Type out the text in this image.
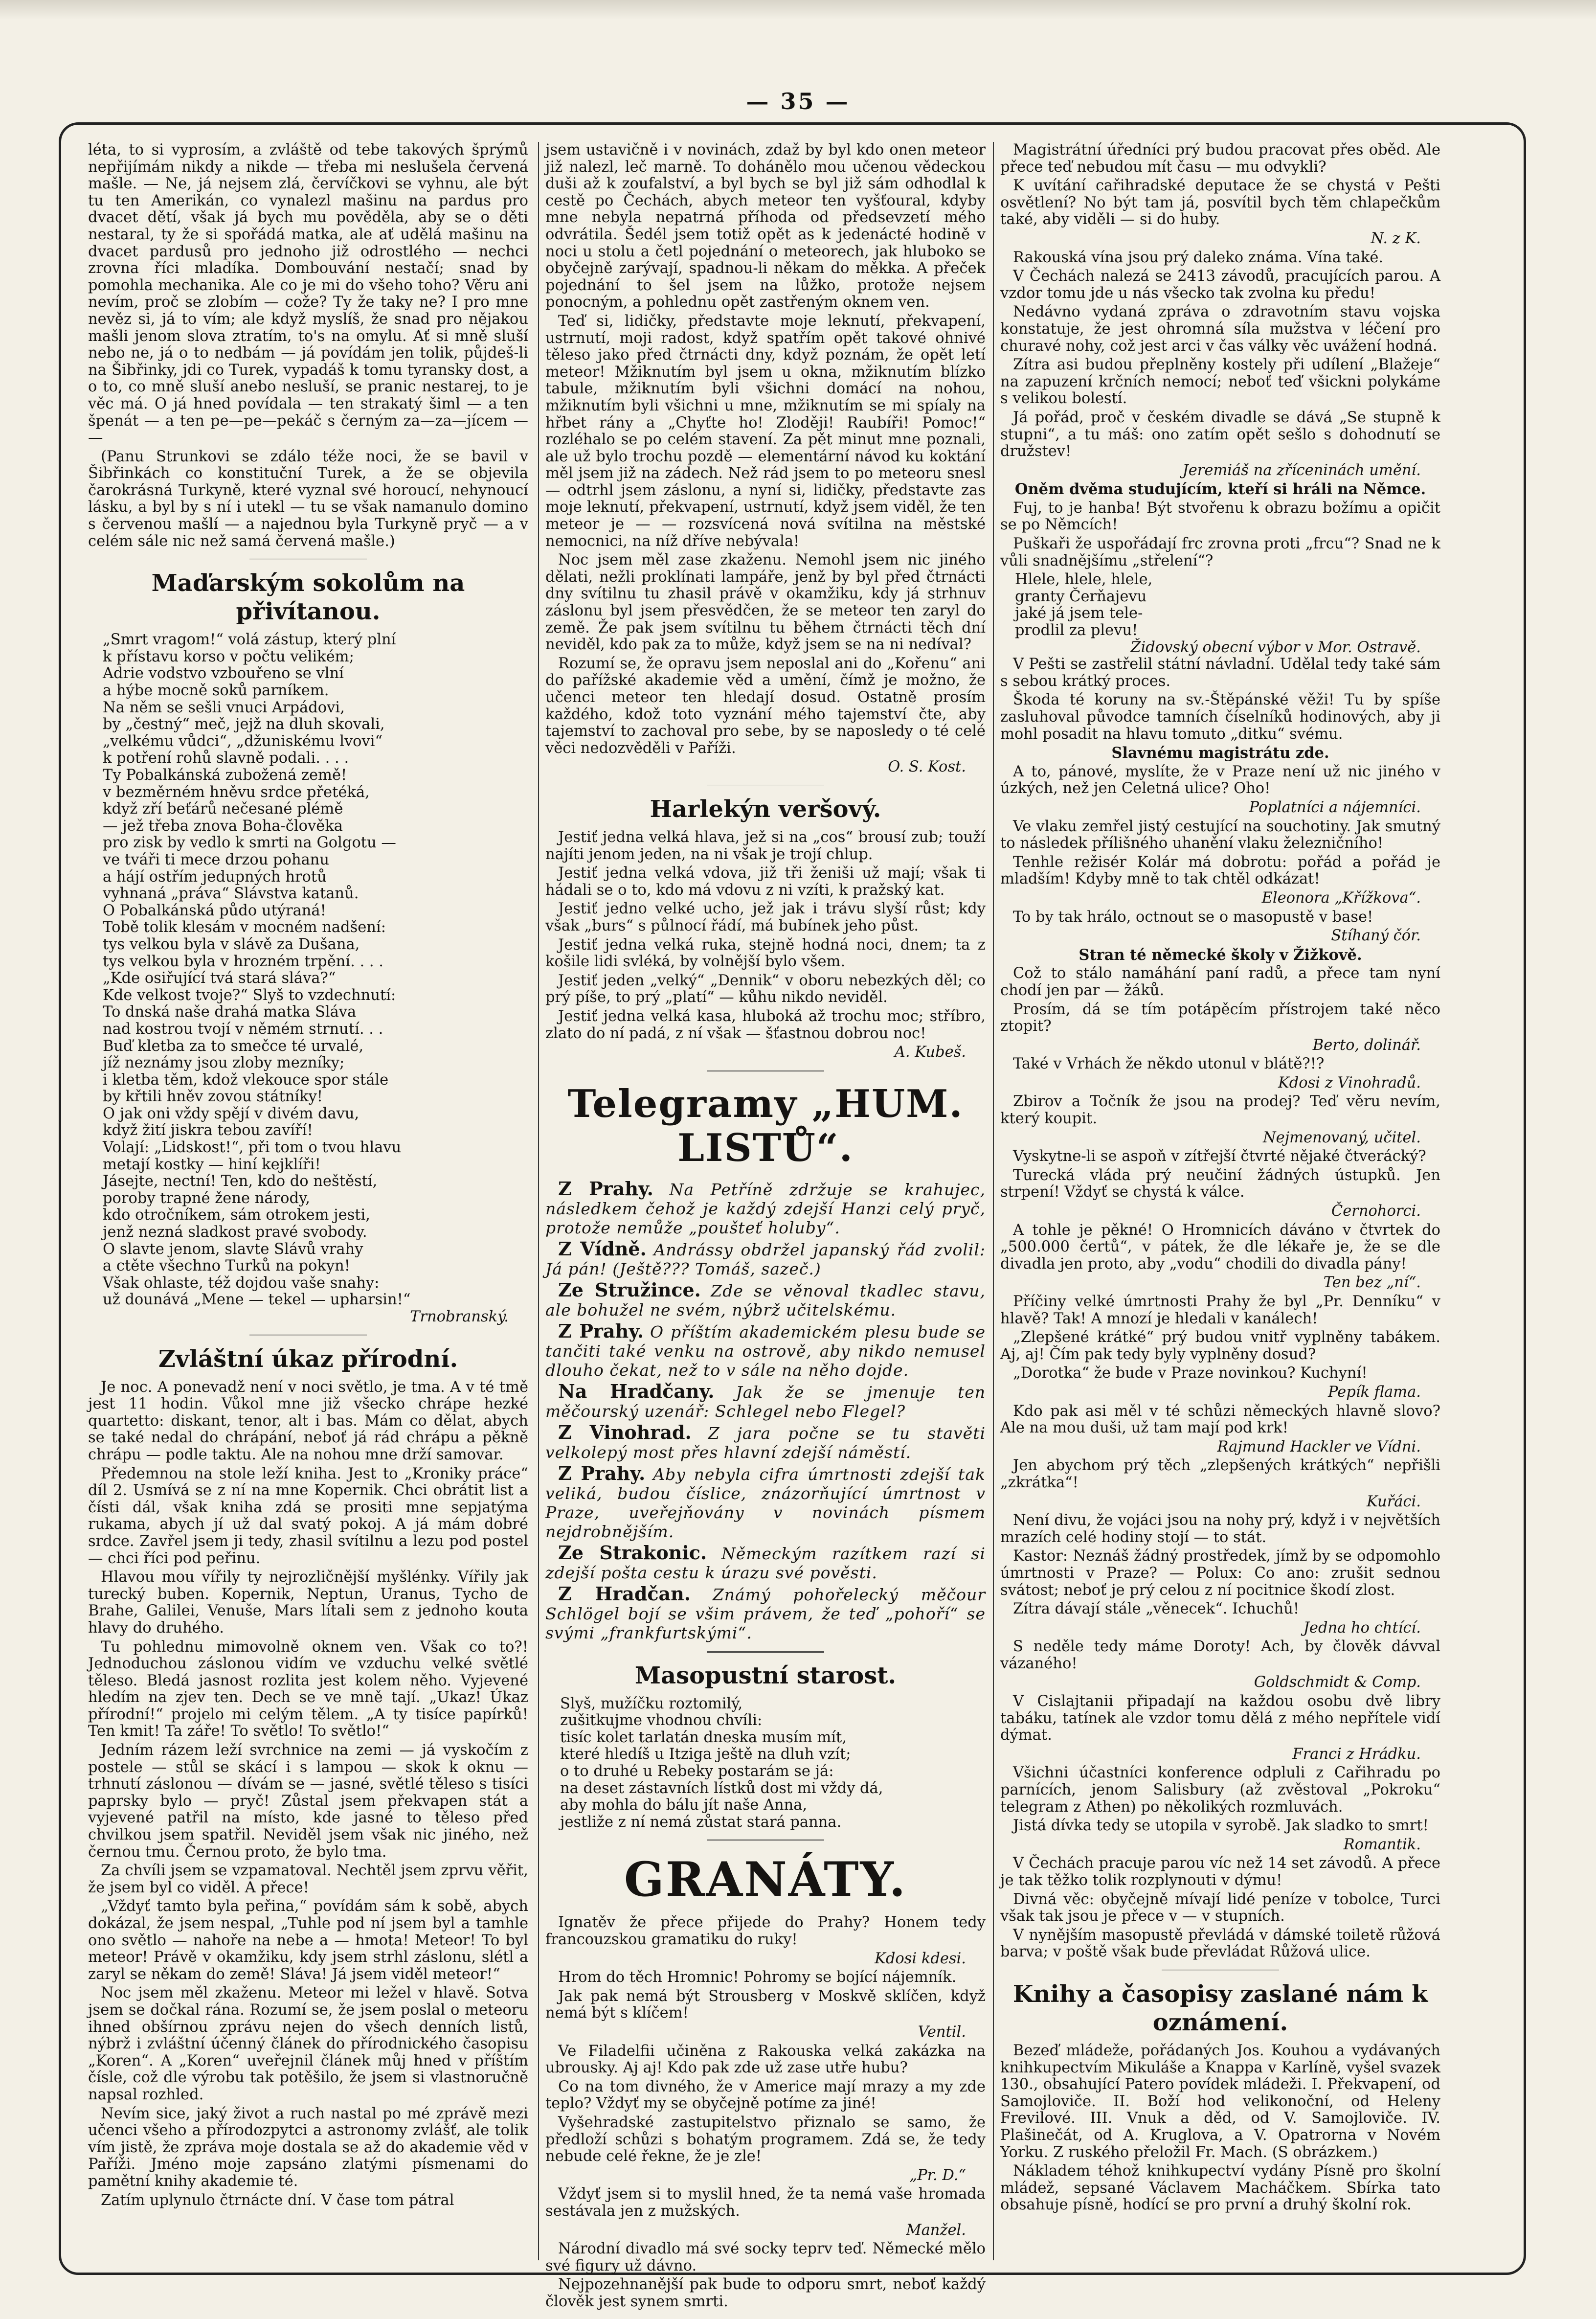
— 35 —

léta, to si vyprosím, a zvláště od tebe takových šprýmů nepřijímám nikdy a nikde — třeba mi neslušela červená mašle. — Ne, já nejsem zlá, červíčkovi se vyhnu, ale být tu ten Amerikán, co vynalezl mašinu na pardus pro dvacet dětí, však já bych mu pověděla, aby se o děti nestaral, ty že si spořádá matka, ale ať udělá mašinu na dvacet pardusů pro jednoho již odrostlého — nechci zrovna říci mladíka. Dombouvání nestačí; snad by pomohla mechanika. Ale co je mi do všeho toho? Věru ani nevím, proč se zlobím — cože? Ty že taky ne? I pro mne nevěz si, já to vím; ale když myslíš, že snad pro nějakou mašli jenom slova ztratím, to's na omylu. Ať si mně sluší nebo ne, já o to nedbám — já povídám jen tolik, půjdeš-li na Šibřinky, jdi co Turek, vypadáš k tomu tyransky dost, a o to, co mně sluší anebo nesluší, se pranic nestarej, to je věc má. O já hned povídala — ten strakatý šiml — a ten špenát — a ten pe—pe—pekáč s černým za—za—jícem — —

(Panu Strunkovi se zdálo téže noci, že se bavil v Šibřinkách co konstituční Turek, a že se objevila čarokrásná Turkyně, které vyznal své horoucí, nehynoucí lásku, a byl by s ní i utekl — tu se však namanulo domino s červenou mašlí — a najednou byla Turkyně pryč — a v celém sále nic než samá červená mašle.)

Maďarským sokolům na přivítanou.

„Smrt vragom!“ volá zástup, který plní

k přístavu korso v počtu velikém;

Adrie vodstvo vzbouřeno se vlní

a hýbe mocně soků parníkem.

Na něm se sešli vnuci Arpádovi,

by „čestný“ meč, jejž na dluh skovali,

„velkému vůdci“, „džuniskému lvovi“

k potření rohů slavně podali. . . .

Ty Pobalkánská zubožená země!

v bezměrném hněvu srdce přetéká,

když zří beťárů nečesané plémě

— jež třeba znova Boha-člověka

pro zisk by vedlo k smrti na Golgotu —

ve tváři ti mece drzou pohanu

a hájí ostřím jedupných hrotů

vyhnaná „práva“ Slávstva katanů.

O Pobalkánská půdo utýraná!

Tobě tolik klesám v mocném nadšení:

tys velkou byla v slávě za Dušana,

tys velkou byla v hrozném trpění. . . .

„Kde osiřující tvá stará sláva?“

Kde velkost tvoje?“ Slyš to vzdechnutí:

To dnská naše drahá matka Sláva

nad kostrou tvojí v němém strnutí. . .

Buď kletba za to smečce té urvalé,

jíž neznámy jsou zloby mezníky;

i kletba těm, kdož vlekouce spor stále

by křtili hněv zovou státníky!

O jak oni vždy spějí v divém davu,

když žití jiskra tebou zavíří!

Volají: „Lidskost!“, při tom o tvou hlavu

metají kostky — hiní kejklíři!

Jásejte, nectní! Ten, kdo do neštěstí,

poroby trapné žene národy,

kdo otročníkem, sám otrokem jesti,

jenž nezná sladkost pravé svobody.

O slavte jenom, slavte Slávů vrahy

a ctěte všechno Turků na pokyn!

Však ohlaste, též dojdou vaše snahy:

už dounává „Mene — tekel — upharsin!“

Trnobranský.

Zvláštní úkaz přírodní.

Je noc. A ponevadž není v noci světlo, je tma. A v té tmě jest 11 hodin. Vůkol mne již všecko chrápe hezké quartetto: diskant, tenor, alt i bas. Mám co dělat, abych se také nedal do chrápání, neboť já rád chrápu a pěkně chrápu — podle taktu. Ale na nohou mne drží samovar.

Předemnou na stole leží kniha. Jest to „Kroniky práce“ díl 2. Usmívá se z ní na mne Kopernik. Chci obrátit list a čísti dál, však kniha zdá se prositi mne sepjatýma rukama, abych jí už dal svatý pokoj. A já mám dobré srdce. Zavřel jsem ji tedy, zhasil svítilnu a lezu pod postel — chci říci pod peřinu.

Hlavou mou vířily ty nejrozličnější myšlénky. Vířily jak turecký buben. Kopernik, Neptun, Uranus, Tycho de Brahe, Galilei, Venuše, Mars lítali sem z jednoho kouta hlavy do druhého.

Tu pohlednu mimovolně oknem ven. Však co to?! Jednoduchou záslonou vidím ve vzduchu velké světlé těleso. Bledá jasnost rozlita jest kolem něho. Vyjevené hledím na zjev ten. Dech se ve mně tají. „Ukaz! Úkaz přírodní!“ projelo mi celým tělem. „A ty tisíce papírků! Ten kmit! Ta záře! To světlo! To světlo!“

Jedním rázem leží svrchnice na zemi — já vyskočím z postele — stůl se skácí i s lampou — skok k oknu — trhnutí záslonou — dívám se — jasné, světlé těleso s tisíci paprsky bylo — pryč! Zůstal jsem překvapen stát a vyjevené patřil na místo, kde jasné to těleso před chvilkou jsem spatřil. Neviděl jsem však nic jiného, než černou tmu. Černou proto, že bylo tma.

Za chvíli jsem se vzpamatoval. Nechtěl jsem zprvu věřit, že jsem byl co viděl. A přece!

„Vždyť tamto byla peřina,“ povídám sám k sobě, abych dokázal, že jsem nespal, „Tuhle pod ní jsem byl a tamhle ono světlo — nahoře na nebe a — hmota! Meteor! To byl meteor! Právě v okamžiku, kdy jsem strhl záslonu, slétl a zaryl se někam do země! Sláva! Já jsem viděl meteor!“

Noc jsem měl zkaženu. Meteor mi ležel v hlavě. Sotva jsem se dočkal rána. Rozumí se, že jsem poslal o meteoru ihned obšírnou zprávu nejen do všech denních listů, nýbrž i zvláštní účenný článek do přírodnického časopisu „Koren“. A „Koren“ uveřejnil článek můj hned v příštím čísle, což dle výrobu tak potěšilo, že jsem si vlastnoručně napsal rozhled.

Nevím sice, jaký život a ruch nastal po mé zprávě mezi učenci všeho a přírodozpytci a astronomy zvlášť, ale tolik vím jistě, že zpráva moje dostala se až do akademie věd v Paříži. Jméno moje zapsáno zlatými písmenami do pamětní knihy akademie té.

Zatím uplynulo čtrnácte dní. V čase tom pátral

jsem ustavičně i v novinách, zdaž by byl kdo onen meteor již nalezl, leč marně. To dohánělo mou učenou vědeckou duši až k zoufalství, a byl bych se byl již sám odhodlal k cestě po Čechách, abych meteor ten vyšťoural, kdyby mne nebyla nepatrná příhoda od předsevzetí mého odvrátila. Šedél jsem totiž opět as k jedenácté hodině v noci u stolu a četl pojednání o meteorech, jak hluboko se obyčejně zarývají, spadnou-li někam do měkka. A přeček pojednání to šel jsem na lůžko, protože nejsem ponocným, a pohlednu opět zastřeným oknem ven.

Teď si, lidičky, představte moje leknutí, překvapení, ustrnutí, moji radost, když spatřím opět takové ohnivé těleso jako před čtrnácti dny, když poznám, že opět letí meteor! Mžiknutím byl jsem u okna, mžiknutím blízko tabule, mžiknutím byli všichni domácí na nohou, mžiknutím byli všichni u mne, mžiknutím se mi spíaly na hřbet rány a „Chyťte ho! Zloději! Raubíři! Pomoc!“ rozléhalo se po celém stavení. Za pět minut mne poznali, ale už bylo trochu pozdě — elementární návod ku koktání měl jsem již na zádech. Než rád jsem to po meteoru snesl — odtrhl jsem záslonu, a nyní si, lidičky, představte zas moje leknutí, překvapení, ustrnutí, když jsem viděl, že ten meteor je — — rozsvícená nová svítilna na městské nemocnici, na níž dříve nebývala!

Noc jsem měl zase zkaženu. Nemohl jsem nic jiného dělati, nežli proklínati lampáře, jenž by byl před čtrnácti dny svítilnu tu zhasil právě v okamžiku, kdy já strhnuv záslonu byl jsem přesvědčen, že se meteor ten zaryl do země. Že pak jsem svítilnu tu během čtrnácti těch dní neviděl, kdo pak za to může, když jsem se na ni nedíval?

Rozumí se, že opravu jsem neposlal ani do „Kořenu“ ani do pařížské akademie věd a umění, čímž je možno, že učenci meteor ten hledají dosud. Ostatně prosím každého, kdož toto vyznání mého tajemství čte, aby tajemství to zachoval pro sebe, by se naposledy o té celé věci nedozvěděli v Paříži.

O. S. Kost.

Harlekýn veršový.

Jestiť jedna velká hlava, jež si na „cos“ brousí zub; touží najíti jenom jeden, na ni však je trojí chlup.

Jestiť jedna velká vdova, již tři ženiši už mají; však ti hádali se o to, kdo má vdovu z ni vzíti, k pražský kat.

Jestiť jedno velké ucho, jež jak i trávu slyší růst; kdy však „burs“ s půlnocí řádí, má bubínek jeho půst.

Jestiť jedna velká ruka, stejně hodná noci, dnem; ta z košile lidi svléká, by volnější bylo všem.

Jestiť jeden „velký“ „Dennik“ v oboru nebezkých děl; co prý píše, to prý „platí“ — kůhu nikdo neviděl.

Jestiť jedna velká kasa, hluboká až trochu moc; stříbro, zlato do ní padá, z ní však — šťastnou dobrou noc!

A. Kubeš.

Telegramy „HUM. LISTŮ“.

Z Prahy. Na Petříně zdržuje se krahujec, následkem čehož je každý zdejší Hanzi celý pryč, protože nemůže „poušteť holuby“.

Z Vídně. Andrássy obdržel japanský řád zvolil: Já pán! (Ještě??? Tomáš, sazeč.)

Ze Stružince. Zde se věnoval tkadlec stavu, ale bohužel ne svém, nýbrž učitelskému.

Z Prahy. O příštím akademickém plesu bude se tančiti také venku na ostrově, aby nikdo nemusel dlouho čekat, než to v sále na něho dojde.

Na Hradčany. Jak že se jmenuje ten měčourský uzenář: Schlegel nebo Flegel?

Z Vinohrad. Z jara počne se tu stavěti velkolepý most přes hlavní zdejší náměstí.

Z Prahy. Aby nebyla cifra úmrtnosti zdejší tak veliká, budou číslice, znázorňující úmrtnost v Praze, uveřejňovány v novinách písmem nejdrobnějším.

Ze Strakonic. Německým razítkem razí si zdejší pošta cestu k úrazu své pověsti.

Z Hradčan. Známý pohořelecký měčour Schlögel bojí se všim právem, že teď „pohoří“ se svými „frankfurtskými“.

Masopustní starost.

Slyš, mužíčku roztomilý,

zušitkujme vhodnou chvíli:

tisíc kolet tarlatán dneska musím mít,

které hledíš u Itziga ještě na dluh vzít;

o to druhé u Rebeky postarám se já:

na deset zástavních lístků dost mi vždy dá,

aby mohla do bálu jít naše Anna,

jestliže z ní nemá zůstat stará panna.

GRANÁTY.

Ignatěv že přece přijede do Prahy? Honem tedy francouzskou gramatiku do ruky!

Kdosi kdesi.

Hrom do těch Hromnic! Pohromy se bojící nájemník.

Jak pak nemá být Strousberg v Moskvě sklíčen, když nemá být s klíčem!

Ventil.

Ve Filadelfii učiněna z Rakouska velká zakázka na ubrousky. Aj aj! Kdo pak zde už zase utře hubu?

Co na tom divného, že v Americe mají mrazy a my zde teplo? Vždyť my se obyčejně potíme za jiné!

Vyšehradské zastupitelstvo přiznalo se samo, že předloží schůzi s bohatým programem. Zdá se, že tedy nebude celé řekne, že je zle!

„Pr. D.“

Vždyť jsem si to myslil hned, že ta nemá vaše hromada sestávala jen z mužských.

Manžel.

Národní divadlo má své socky teprv teď. Německé mělo své figury už dávno.

Nejpozehnanější pak bude to odporu smrt, neboť každý člověk jest synem smrti.

Magistrátní úředníci prý budou pracovat přes oběd. Ale přece teď nebudou mít času — mu odvykli?

K uvítání cařihradské deputace že se chystá v Pešti osvětlení? No být tam já, posvítil bych těm chlapečkům také, aby viděli — si do huby.

N. z K.

Rakouská vína jsou prý daleko známa. Vína také.

V Čechách nalezá se 2413 závodů, pracujících parou. A vzdor tomu jde u nás všecko tak zvolna ku předu!

Nedávno vydaná zpráva o zdravotním stavu vojska konstatuje, že jest ohromná síla mužstva v léčení pro churavé nohy, což jest arci v čas války věc uvážení hodná.

Zítra asi budou přeplněny kostely při udílení „Blažeje“ na zapuzení krčních nemocí; neboť teď všickni polykáme s velikou bolestí.

Já pořád, proč v českém divadle se dává „Se stupně k stupni“, a tu máš: ono zatím opět sešlo s dohodnutí se družstev!

Jeremiáš na zříceninách umění.

Oněm dvěma studujícím, kteří si hráli na Němce.

Fuj, to je hanba! Být stvořenu k obrazu božímu a opičit se po Němcích!

Puškaři že uspořádají frc zrovna proti „frcu“? Snad ne k vůli snadnějšímu „střelení“?

Hlele, hlele, hlele,

granty Čerňajevu

jaké já jsem tele-

prodlil za plevu!

Židovský obecní výbor v Mor. Ostravě.

V Pešti se zastřelil státní návladní. Udělal tedy také sám s sebou krátký proces.

Škoda té koruny na sv.-Štěpánské věži! Tu by spíše zasluhoval původce tamních číselníků hodinových, aby ji mohl posadit na hlavu tomuto „ditku“ svému.

Slavnému magistrátu zde.

A to, pánové, myslíte, že v Praze není už nic jiného v úzkých, než jen Celetná ulice? Oho!

Poplatníci a nájemníci.

Ve vlaku zemřel jistý cestující na souchotiny. Jak smutný to následek přílišného uhanění vlaku železničního!

Tenhle režisér Kolár má dobrotu: pořád a pořád je mladším! Kdyby mně to tak chtěl odkázat!

Eleonora „Křížkova“.

To by tak hrálo, octnout se o masopustě v base!

Stíhaný čór.

Stran té německé školy v Žižkově.

Což to stálo namáhání paní radů, a přece tam nyní chodí jen par — žáků.

Prosím, dá se tím potápěcím přístrojem také něco ztopit?

Berto, dolinář.

Také v Vrhách že někdo utonul v blátě?!?

Kdosi z Vinohradů.

Zbirov a Točník že jsou na prodej? Teď věru nevím, který koupit.

Nejmenovaný, učitel.

Vyskytne-li se aspoň v zítřejší čtvrté nějaké čtverácký?

Turecká vláda prý neučiní žádných ústupků. Jen strpení! Vždyť se chystá k válce.

Černohorci.

A tohle je pěkné! O Hromnicích dáváno v čtvrtek do „500.000 čertů“, v pátek, že dle lékaře je, že se dle divadla jen proto, aby „vodu“ chodili do divadla pány!

Ten bez „ní“.

Příčiny velké úmrtnosti Prahy že byl „Pr. Denníku“ v hlavě? Tak! A mnozí je hledali v kanálech!

„Zlepšené krátké“ prý budou vnitř vyplněny tabákem. Aj, aj! Čím pak tedy byly vyplněny dosud?

„Dorotka“ že bude v Praze novinkou? Kuchyní!

Pepík flama.

Kdo pak asi měl v té schůzi německých hlavně slovo? Ale na mou duši, už tam mají pod krk!

Rajmund Hackler ve Vídni.

Jen abychom prý těch „zlepšených krátkých“ nepřišli „zkrátka“!

Kuřáci.

Není divu, že vojáci jsou na nohy prý, když i v největších mrazích celé hodiny stojí — to stát.

Kastor: Neznáš žádný prostředek, jímž by se odpomohlo úmrtnosti v Praze? — Polux: Co ano: zrušit sednou svátost; neboť je prý celou z ní pocitnice škodí zlost.

Zítra dávají stále „věnecek“. Ichuchů!

Jedna ho chtící.

S neděle tedy máme Doroty! Ach, by člověk dávval vázaného!

Goldschmidt & Comp.

V Cislajtanii připadají na každou osobu dvě libry tabáku, tatínek ale vzdor tomu dělá z mého nepřítele vidí dýmat.

Franci z Hrádku.

Všichni účastníci konference odpluli z Cařihradu po parnících, jenom Salisbury (až zvěstoval „Pokroku“ telegram z Athen) po několikých rozmluvách.

Jistá dívka tedy se utopila v syrobě. Jak sladko to smrt!

Romantik.

V Čechách pracuje parou víc než 14 set závodů. A přece je tak těžko tolik rozplynouti v dýmu!

Divná věc: obyčejně mívají lidé peníze v tobolce, Turci však tak jsou je přece v — v stupních.

V nynějším masopustě převládá v dámské toiletě růžová barva; v poště však bude převládat Růžová ulice.

Knihy a časopisy zaslané nám k oznámení.

Bezeď mládeže, pořádaných Jos. Kouhou a vydávaných knihkupectvím Mikuláše a Knappa v Karlíně, vyšel svazek 130., obsahující Patero povídek mládeži. I. Překvapení, od Samojloviče. II. Boží hod velikonoční, od Heleny Frevilové. III. Vnuk a děd, od V. Samojloviče. IV. Plašinečát, od A. Kruglova, a V. Opatrorna v Novém Yorku. Z ruského přeložil Fr. Mach. (S obrázkem.)

Nákladem téhož knihkupectví vydány Písně pro školní mládež, sepsané Václavem Macháčkem. Sbírka tato obsahuje písně, hodící se pro první a druhý školní rok.
